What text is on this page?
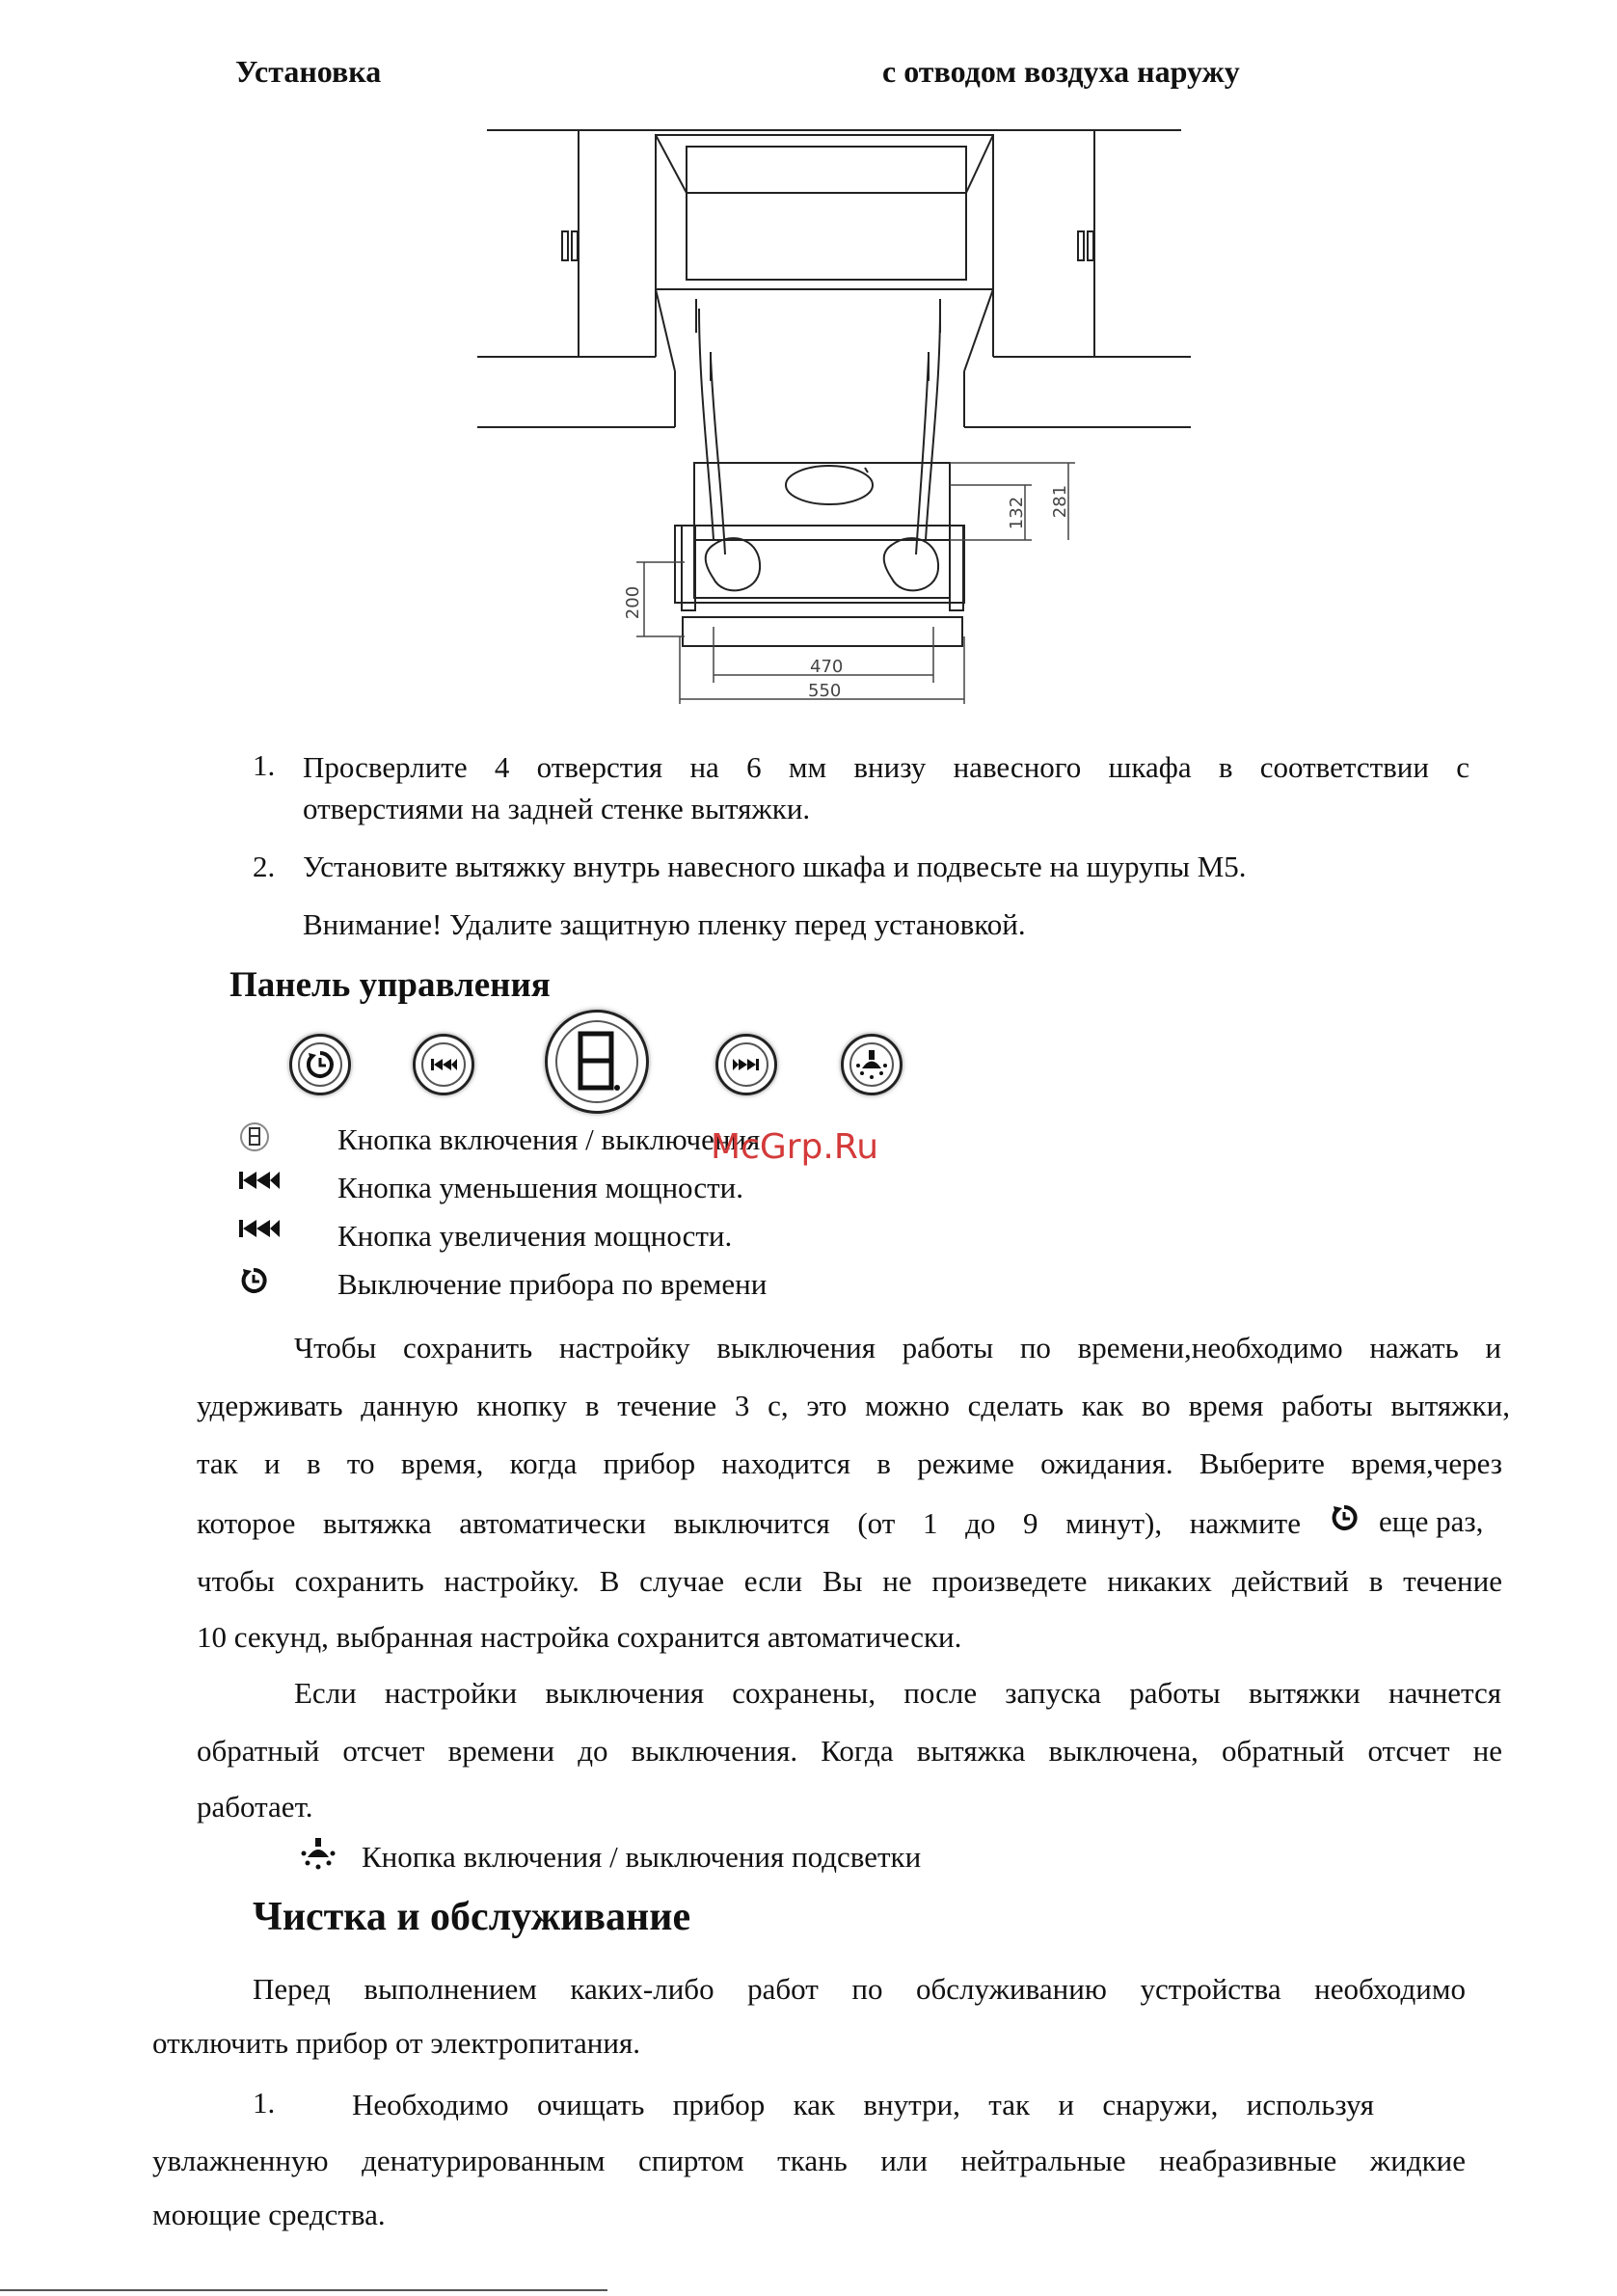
Установка	с отводом воздуха наружу
470
550
200
132 281
1. Просверлите 4 отверстия на 6 мм внизу навесного шкафа в соответствии с
отверстиями на задней стенке вытяжки.
2. Установите вытяжку внутрь навесного шкафа и подвесьте на шурупы М5.
Внимание! Удалите защитную пленку перед установкой.
Панель управления
Кнопка включения / выключения
Кнопка уменьшения мощности.
Кнопка увеличения мощности.
Выключение прибора по времени
McGrp.Ru
Чтобы сохранить настройку выключения работы по времени,необходимо нажать и
удерживать данную кнопку в течение 3 с, это можно сделать как во время работы вытяжки,
так и в то время, когда прибор находится в режиме ожидания. Выберите время,через
которое вытяжка автоматически выключится (от 1 до 9 минут), нажмите	еще раз,
чтобы сохранить настройку. В случае если Вы не произведете никаких действий в течение
10 секунд, выбранная настройка сохранится автоматически.
Если настройки выключения сохранены, после запуска работы вытяжки начнется
обратный отсчет времени до выключения. Когда вытяжка выключена, обратный отсчет не
работает.
Кнопка включения / выключения подсветки
Чистка и обслуживание
Перед выполнением каких-либо работ по обслуживанию устройства необходимо
отключить прибор от электропитания.
1.	Необходимо очищать прибор как внутри, так и снаружи, используя
увлажненную денатурированным спиртом ткань или нейтральные неабразивные жидкие
моющие средства.
